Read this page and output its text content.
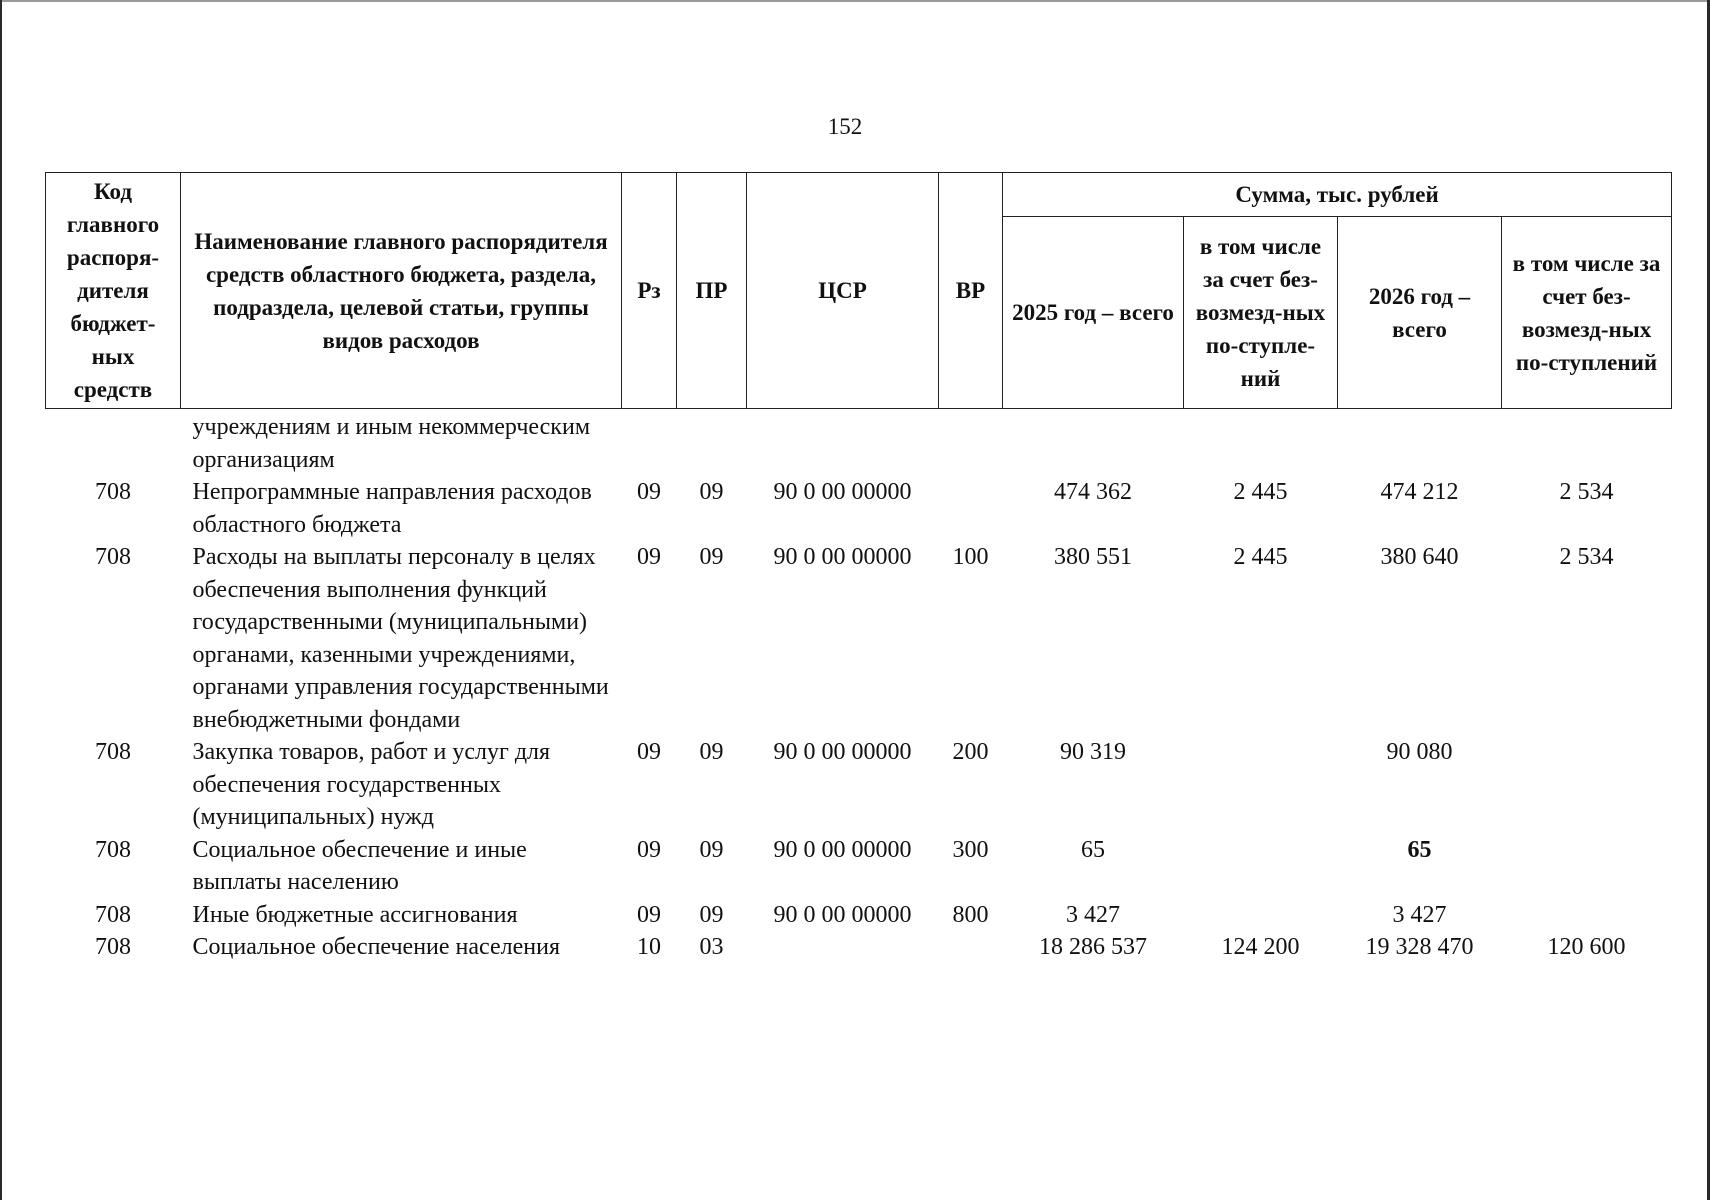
152
Код главного распоря-дителя бюджет-ных средств	Наименование главного распорядителя средств областного бюджета, раздела, подраздела, целевой статьи, группы видов расходов	Рз	ПР	ЦСР	ВР	Сумма, тыс. рублей			
						2025 год – всего	в том числе за счет без-возмезд-ных по-ступле-ний	2026 год – всего	в том числе за счет без-возмезд-ных по-ступлений
	учреждениям и иным некоммерческим организациям								
708	Непрограммные направления расходов областного бюджета	09	09	90 0 00 00000		474 362	2 445	474 212	2 534
708	Расходы на выплаты персоналу в целях обеспечения выполнения функций государственными (муниципальными) органами, казенными учреждениями, органами управления государственными внебюджетными фондами	09	09	90 0 00 00000	100	380 551	2 445	380 640	2 534
708	Закупка товаров, работ и услуг для обеспечения государственных (муниципальных) нужд	09	09	90 0 00 00000	200	90 319		90 080	
708	Социальное обеспечение и иные выплаты населению	09	09	90 0 00 00000	300	65		65	
708	Иные бюджетные ассигнования	09	09	90 0 00 00000	800	3 427		3 427	
708	Социальное обеспечение населения	10	03			18 286 537	124 200	19 328 470	120 600
